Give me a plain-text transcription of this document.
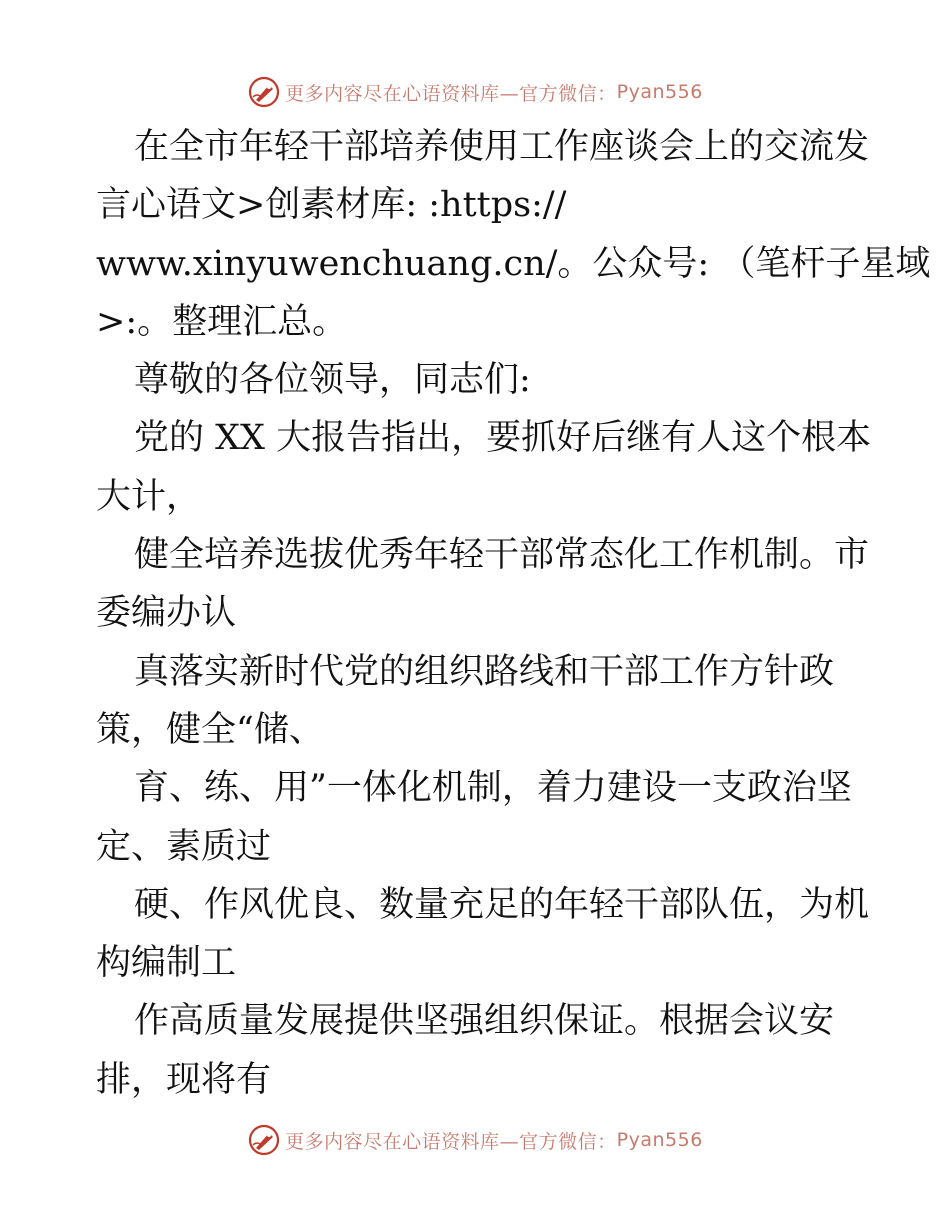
更多内容尽在心语资料库—官方微信： Pyan556
在全市年轻干部培养使用工作座谈会上的交流发
言心语文>创素材库: :https://
www.xinyuwenchuang.cn/。公众号: （笔杆子星域
>:。整理汇总。
尊敬的各位领导，同志们:
党的 XX 大报告指出，要抓好后继有人这个根本
大计，
健全培养选拔优秀年轻干部常态化工作机制。市
委编办认
真落实新时代党的组织路线和干部工作方针政
策，健全“储、
育、练、用”一体化机制，着力建设一支政治坚
定、素质过
硬、作风优良、数量充足的年轻干部队伍，为机
构编制工
作高质量发展提供坚强组织保证。根据会议安
排，现将有
更多内容尽在心语资料库—官方微信： Pyan556
